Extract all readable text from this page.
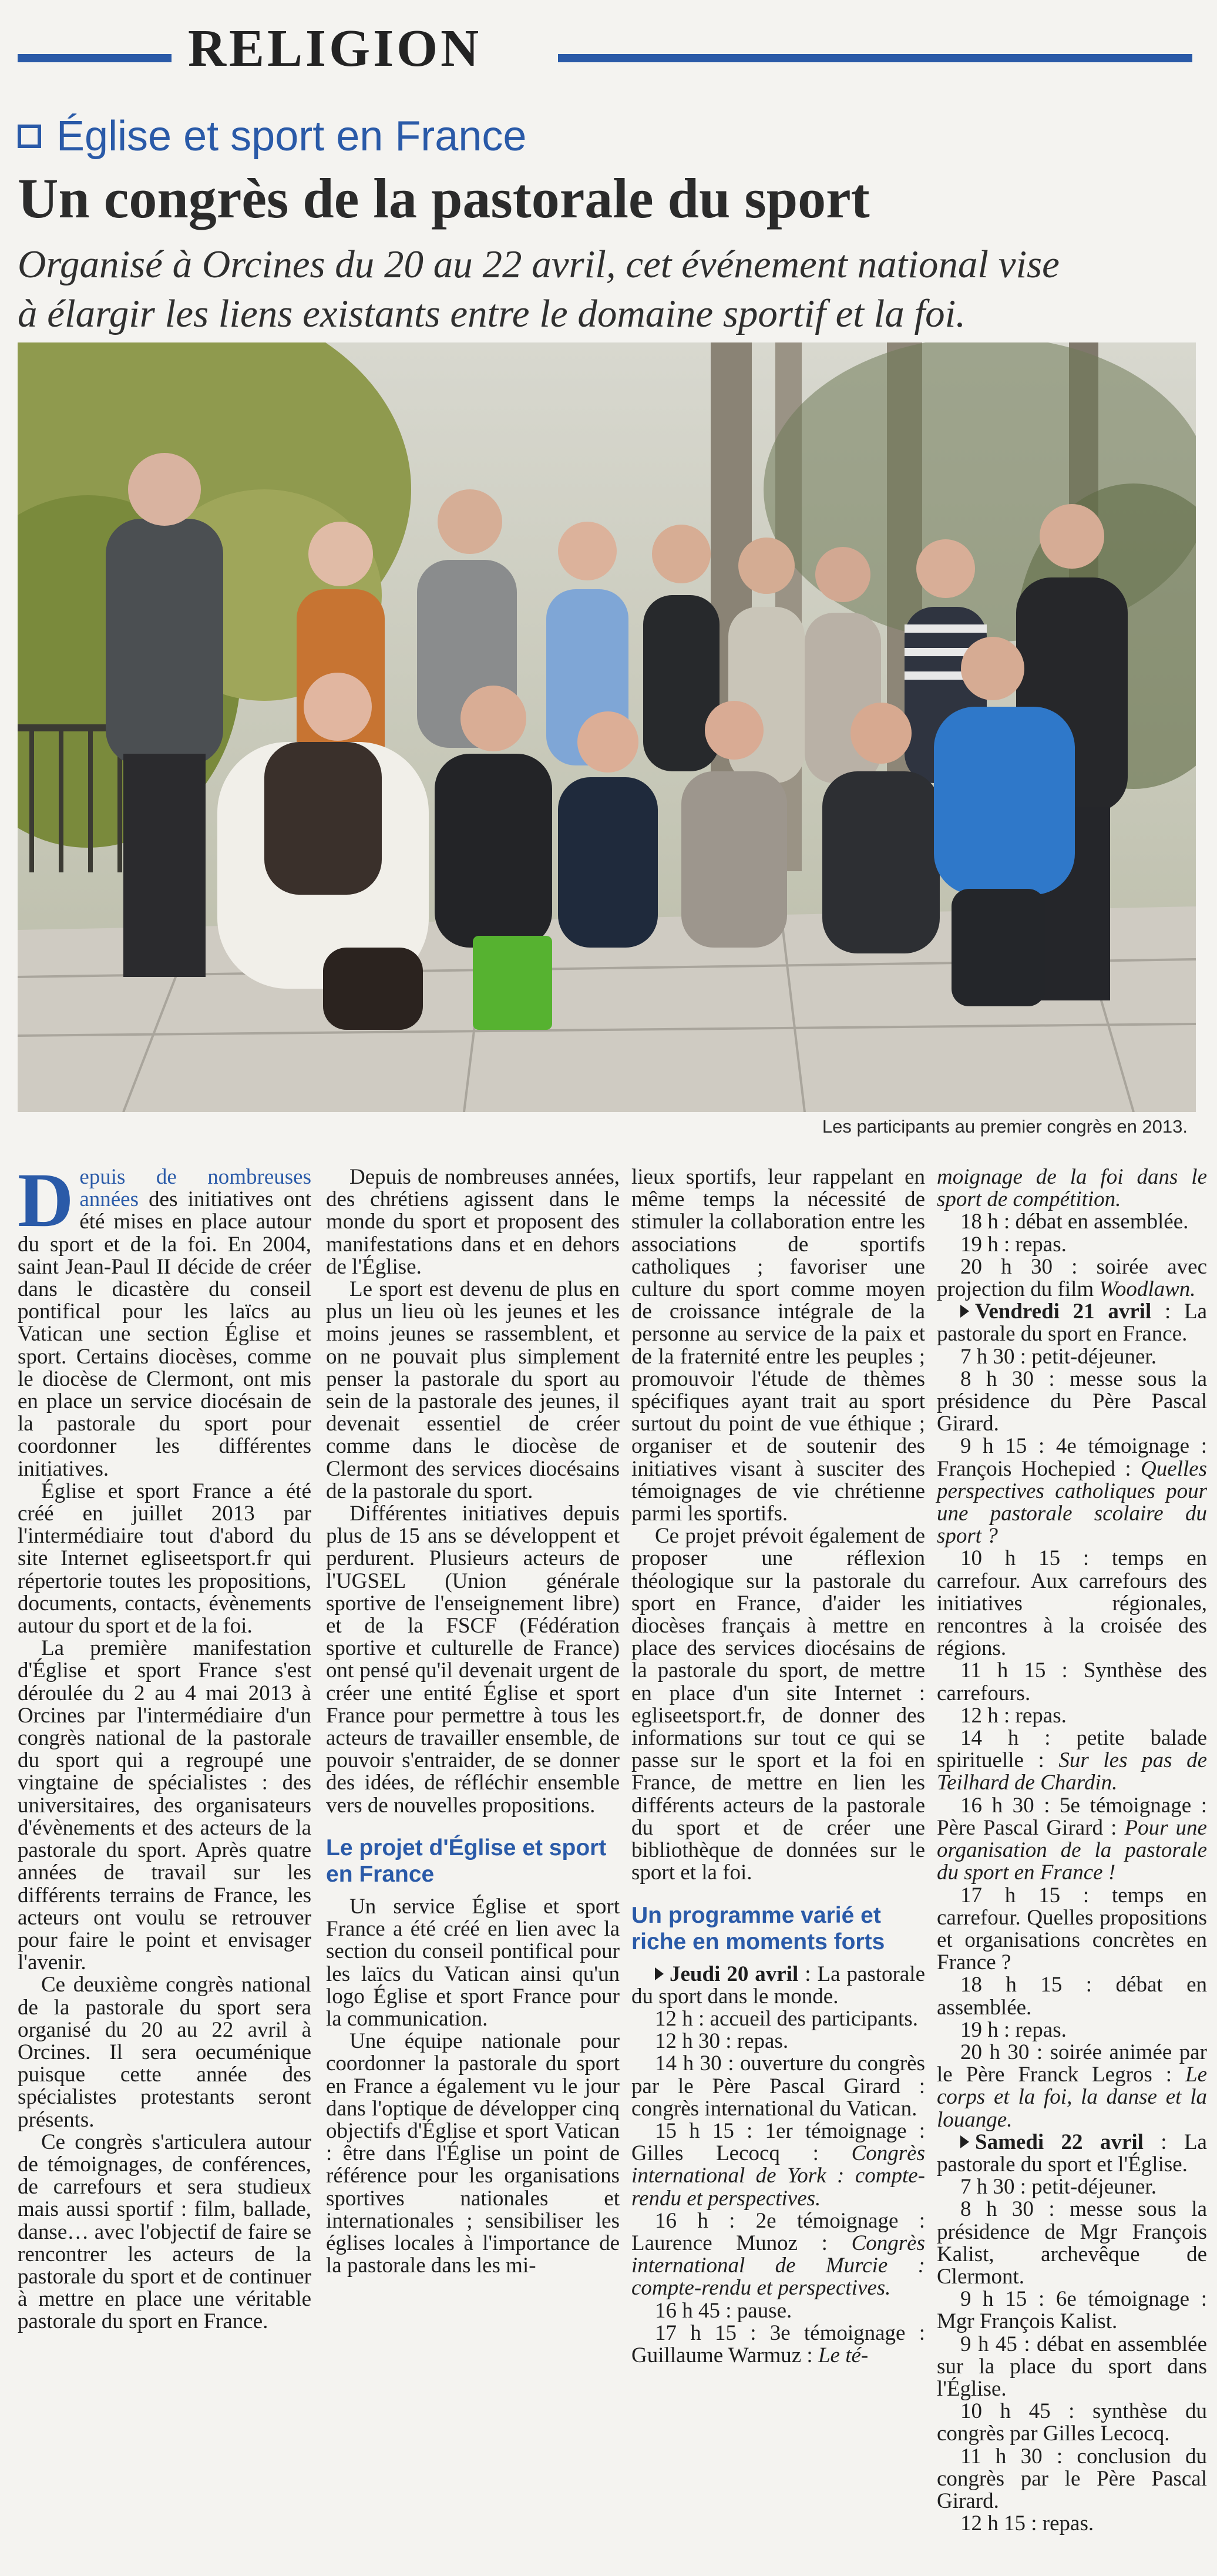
RELIGION
Église et sport en France
Un congrès de la pastorale du sport

Organisé à Orcines du 20 au 22 avril, cet événement national vise

à élargir les liens existants entre le domaine sportif et la foi.

Les participants au premier congrès en 2013.

Depuis de nombreuses années des initiatives ont été mises en place autour du sport et de la foi. En 2004, saint Jean-Paul II décide de créer dans le dicastère du conseil pontifical pour les laïcs au Vatican une section Église et sport. Certains diocèses, comme le diocèse de Clermont, ont mis en place un service diocésain de la pastorale du sport pour coordonner les différentes initiatives.

Église et sport France a été créé en juillet 2013 par l'intermédiaire tout d'abord du site Internet egliseetsport.fr qui répertorie toutes les propositions, documents, contacts, évènements autour du sport et de la foi.

La première manifestation d'Église et sport France s'est déroulée du 2 au 4 mai 2013 à Orcines par l'intermédiaire d'un congrès national de la pastorale du sport qui a regroupé une vingtaine de spécialistes : des universitaires, des organisateurs d'évènements et des acteurs de la pastorale du sport. Après quatre années de travail sur les différents terrains de France, les acteurs ont voulu se retrouver pour faire le point et envisager l'avenir.

Ce deuxième congrès national de la pastorale du sport sera organisé du 20 au 22 avril à Orcines. Il sera oecuménique puisque cette année des spécialistes protestants seront présents.

Ce congrès s'articulera autour de témoignages, de conférences, de carrefours et sera studieux mais aussi sportif : film, ballade, danse… avec l'objectif de faire se rencontrer les acteurs de la pastorale du sport et de continuer à mettre en place une véritable pastorale du sport en France.

Depuis de nombreuses années, des chrétiens agissent dans le monde du sport et proposent des manifestations dans et en dehors de l'Église.

Le sport est devenu de plus en plus un lieu où les jeunes et les moins jeunes se rassemblent, et on ne pouvait plus simplement penser la pastorale du sport au sein de la pastorale des jeunes, il devenait essentiel de créer comme dans le diocèse de Clermont des services diocésains de la pastorale du sport.

Différentes initiatives depuis plus de 15 ans se développent et perdurent. Plusieurs acteurs de l'UGSEL (Union générale sportive de l'enseignement libre) et de la FSCF (Fédération sportive et culturelle de France) ont pensé qu'il devenait urgent de créer une entité Église et sport France pour permettre à tous les acteurs de travailler ensemble, de pouvoir s'entraider, de se donner des idées, de réfléchir ensemble vers de nouvelles propositions.

Le projet d'Église et sport en France

Un service Église et sport France a été créé en lien avec la section du conseil pontifical pour les laïcs du Vatican ainsi qu'un logo Église et sport France pour la communication.

Une équipe nationale pour coordonner la pastorale du sport en France a également vu le jour dans l'optique de développer cinq objectifs d'Église et sport Vatican : être dans l'Église un point de référence pour les organisations sportives nationales et internationales ; sensibiliser les églises locales à l'importance de la pastorale dans les mi-

lieux sportifs, leur rappelant en même temps la nécessité de stimuler la collaboration entre les associations de sportifs catholiques ; favoriser une culture du sport comme moyen de croissance intégrale de la personne au service de la paix et de la fraternité entre les peuples ; promouvoir l'étude de thèmes spécifiques ayant trait au sport surtout du point de vue éthique ; organiser et de soutenir des initiatives visant à susciter des témoignages de vie chrétienne parmi les sportifs.

Ce projet prévoit également de proposer une réflexion théologique sur la pastorale du sport en France, d'aider les diocèses français à mettre en place des services diocésains de la pastorale du sport, de mettre en place d'un site Internet : egliseetsport.fr, de donner des informations sur tout ce qui se passe sur le sport et la foi en France, de mettre en lien les différents acteurs de la pastorale du sport et de créer une bibliothèque de données sur le sport et la foi.

Un programme varié et riche en moments forts

Jeudi 20 avril : La pastorale du sport dans le monde.

12 h : accueil des participants.

12 h 30 : repas.

14 h 30 : ouverture du congrès par le Père Pascal Girard : congrès international du Vatican.

15 h 15 : 1er témoignage : Gilles Lecocq : Congrès international de York : compte-rendu et perspectives.

16 h : 2e témoignage : Laurence Munoz : Congrès international de Murcie : compte-rendu et perspectives.

16 h 45 : pause.

17 h 15 : 3e témoignage : Guillaume Warmuz : Le té-

moignage de la foi dans le sport de compétition.

18 h : débat en assemblée.

19 h : repas.

20 h 30 : soirée avec projection du film Woodlawn.

Vendredi 21 avril : La pastorale du sport en France.

7 h 30 : petit-déjeuner.

8 h 30 : messe sous la présidence du Père Pascal Girard.

9 h 15 : 4e témoignage : François Hochepied : Quelles perspectives catholiques pour une pastorale scolaire du sport ?

10 h 15 : temps en carrefour. Aux carrefours des initiatives régionales, rencontres à la croisée des régions.

11 h 15 : Synthèse des carrefours.

12 h : repas.

14 h : petite balade spirituelle : Sur les pas de Teilhard de Chardin.

16 h 30 : 5e témoignage : Père Pascal Girard : Pour une organisation de la pastorale du sport en France !

17 h 15 : temps en carrefour. Quelles propositions et organisations concrètes en France ?

18 h 15 : débat en assemblée.

19 h : repas.

20 h 30 : soirée animée par le Père Franck Legros : Le corps et la foi, la danse et la louange.

Samedi 22 avril : La pastorale du sport et l'Église.

7 h 30 : petit-déjeuner.

8 h 30 : messe sous la présidence de Mgr François Kalist, archevêque de Clermont.

9 h 15 : 6e témoignage : Mgr François Kalist.

9 h 45 : débat en assemblée sur la place du sport dans l'Église.

10 h 45 : synthèse du congrès par Gilles Lecocq.

11 h 30 : conclusion du congrès par le Père Pascal Girard.

12 h 15 : repas.
